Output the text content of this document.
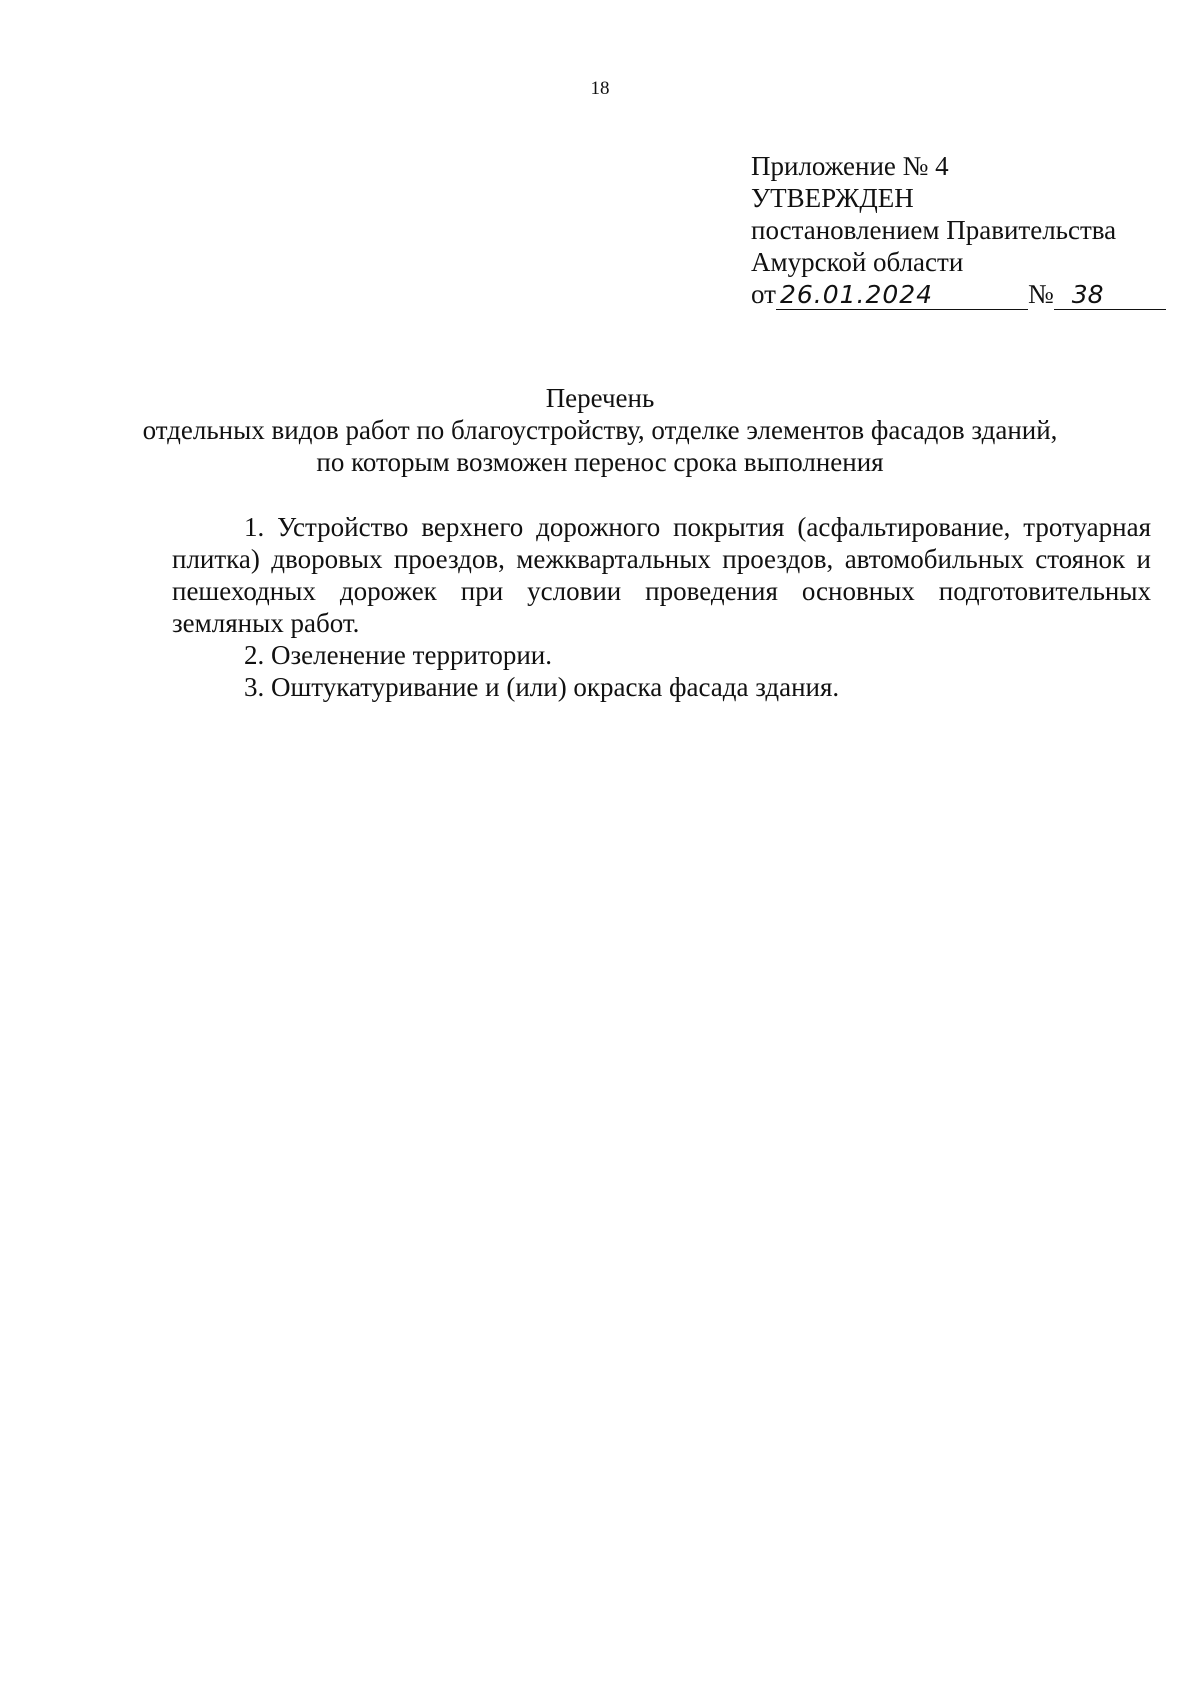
18
Приложение № 4
УТВЕРЖДЕН
постановлением Правительства
Амурской области
от 26.01.2024	№ 38
Перечень
отдельных видов работ по благоустройству, отделке элементов фасадов зданий,
по которым возможен перенос срока выполнения

1. Устройство верхнего дорожного покрытия (асфальтирование, тротуарная плитка) дворовых проездов, межквартальных проездов, автомобильных стоянок и пешеходных дорожек при условии проведения основных подготовительных земляных работ.

2. Озеленение территории.

3. Оштукатуривание и (или) окраска фасада здания.
